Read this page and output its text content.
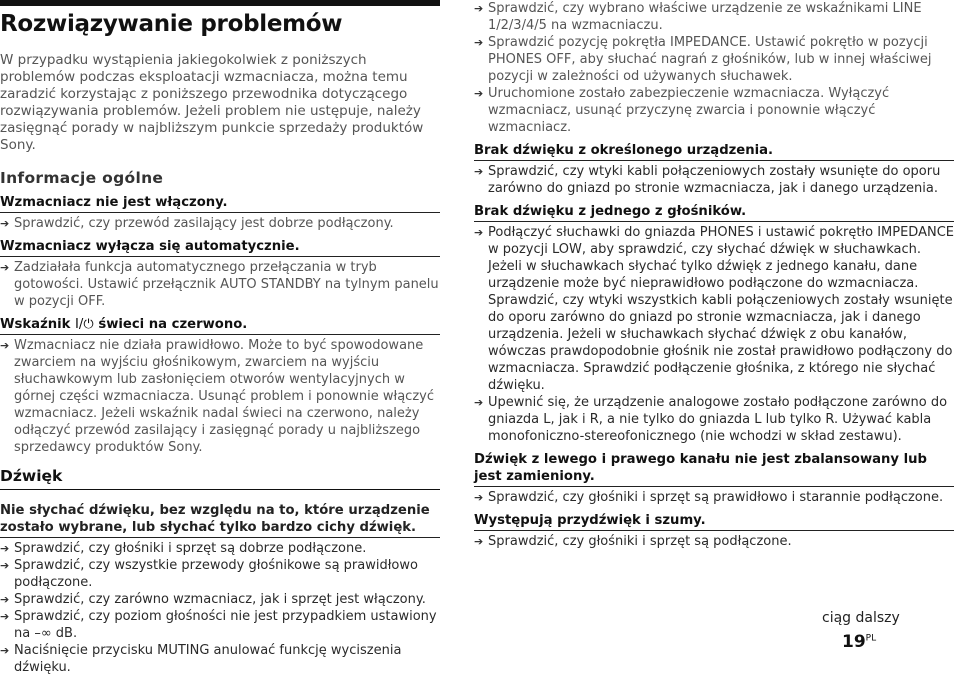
Rozwiązywanie problemów

W przypadku wystąpienia jakiegokolwiek z poniższych problemów podczas eksploatacji wzmacniacza, można temu zaradzić korzystając z poniższego przewodnika dotyczącego rozwiązywania problemów. Jeżeli problem nie ustępuje, należy zasięgnąć porady w najbliższym punkcie sprzedaży produktów Sony.

Informacje ogólne
Wzmacniacz nie jest włączony.
➔ Sprawdzić, czy przewód zasilający jest dobrze podłączony.
Wzmacniacz wyłącza się automatycznie.
➔ Zadziałała funkcja automatycznego przełączania w tryb gotowości. Ustawić przełącznik AUTO STANDBY na tylnym panelu w pozycji OFF.
Wskaźnik I/⏻ świeci na czerwono.
➔ Wzmacniacz nie działa prawidłowo. Może to być spowodowane zwarciem na wyjściu głośnikowym, zwarciem na wyjściu słuchawkowym lub zasłonięciem otworów wentylacyjnych w górnej części wzmacniacza. Usunąć problem i ponownie włączyć wzmacniacz. Jeżeli wskaźnik nadal świeci na czerwono, należy odłączyć przewód zasilający i zasięgnąć porady u najbliższego sprzedawcy produktów Sony.
Dźwięk
Nie słychać dźwięku, bez względu na to, które urządzenie zostało wybrane, lub słychać tylko bardzo cichy dźwięk.
➔ Sprawdzić, czy głośniki i sprzęt są dobrze podłączone.
➔ Sprawdzić, czy wszystkie przewody głośnikowe są prawidłowo podłączone.
➔ Sprawdzić, czy zarówno wzmacniacz, jak i sprzęt jest włączony.
➔ Sprawdzić, czy poziom głośności nie jest przypadkiem ustawiony na –∞ dB.
➔ Naciśnięcie przycisku MUTING anulować funkcję wyciszenia dźwięku.
➔ Sprawdzić, czy wybrano właściwe urządzenie ze wskaźnikami LINE 1/2/3/4/5 na wzmacniaczu.
➔ Sprawdzić pozycję pokrętła IMPEDANCE. Ustawić pokrętło w pozycji PHONES OFF, aby słuchać nagrań z głośników, lub w innej właściwej pozycji w zależności od używanych słuchawek.
➔ Uruchomione zostało zabezpieczenie wzmacniacza. Wyłączyć wzmacniacz, usunąć przyczynę zwarcia i ponownie włączyć wzmacniacz.
Brak dźwięku z określonego urządzenia.
➔ Sprawdzić, czy wtyki kabli połączeniowych zostały wsunięte do oporu zarówno do gniazd po stronie wzmacniacza, jak i danego urządzenia.
Brak dźwięku z jednego z głośników.
➔ Podłączyć słuchawki do gniazda PHONES i ustawić pokrętło IMPEDANCE w pozycji LOW, aby sprawdzić, czy słychać dźwięk w słuchawkach. Jeżeli w słuchawkach słychać tylko dźwięk z jednego kanału, dane urządzenie może być nieprawidłowo podłączone do wzmacniacza. Sprawdzić, czy wtyki wszystkich kabli połączeniowych zostały wsunięte do oporu zarówno do gniazd po stronie wzmacniacza, jak i danego urządzenia. Jeżeli w słuchawkach słychać dźwięk z obu kanałów, wówczas prawdopodobnie głośnik nie został prawidłowo podłączony do wzmacniacza. Sprawdzić podłączenie głośnika, z którego nie słychać dźwięku.
➔ Upewnić się, że urządzenie analogowe zostało podłączone zarówno do gniazda L, jak i R, a nie tylko do gniazda L lub tylko R. Używać kabla monofoniczno-stereofonicznego (nie wchodzi w skład zestawu).
Dźwięk z lewego i prawego kanału nie jest zbalansowany lub jest zamieniony.
➔ Sprawdzić, czy głośniki i sprzęt są prawidłowo i starannie podłączone.
Występują przydźwięk i szumy.
➔ Sprawdzić, czy głośniki i sprzęt są podłączone.
ciąg dalszy
$19^{PL}$
